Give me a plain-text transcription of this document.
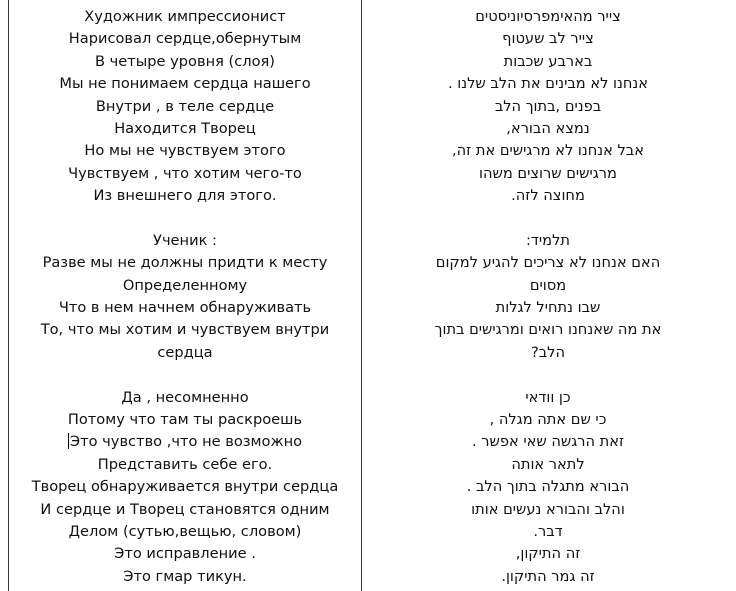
Художник импрессионист
Нарисовал сердце,обернутым
В четыре уровня (слоя)
Мы не понимаем сердца нашего
Внутри , в теле сердце
Находится Творец
Но мы не чувствуем этого
Чувствуем , что хотим чего-то
Из внешнего для этого.
Ученик :
Разве мы не должны придти к месту
Определенному
Что в нем начнем обнаруживать
То, что мы хотим и чувствуем внутри
сердца
Да , несомненно
Потому что там ты раскроешь
Это чувство ,что не возможно
Представить себе его.
Творец обнаруживается внутри сердца
И сердце и Творец становятся одним
Делом (сутью,вещью, словом)
Это исправление .
Это гмар тикун.
צייר מהאימפרסיוניסטים
צייר לב שעטוף
בארבע שכבות
אנחנו לא מבינים את הלב שלנו .
בפנים ,בתוך הלב
נמצא הבורא,
אבל אנחנו לא מרגישים את זה,
מרגישים שרוצים משהו
מחוצה לזה.
תלמיד:
האם אנחנו לא צריכים להגיע למקום
מסוים
שבו נתחיל לגלות
את מה שאנחנו רואים ומרגישים בתוך
הלב?
כן וודאי
כי שם אתה מגלה ,
זאת הרגשה שאי אפשר .
לתאר אותה
הבורא מתגלה בתוך הלב .
והלב והבורא נעשים אותו
דבר.
זה התיקון,
זה גמר התיקון.
